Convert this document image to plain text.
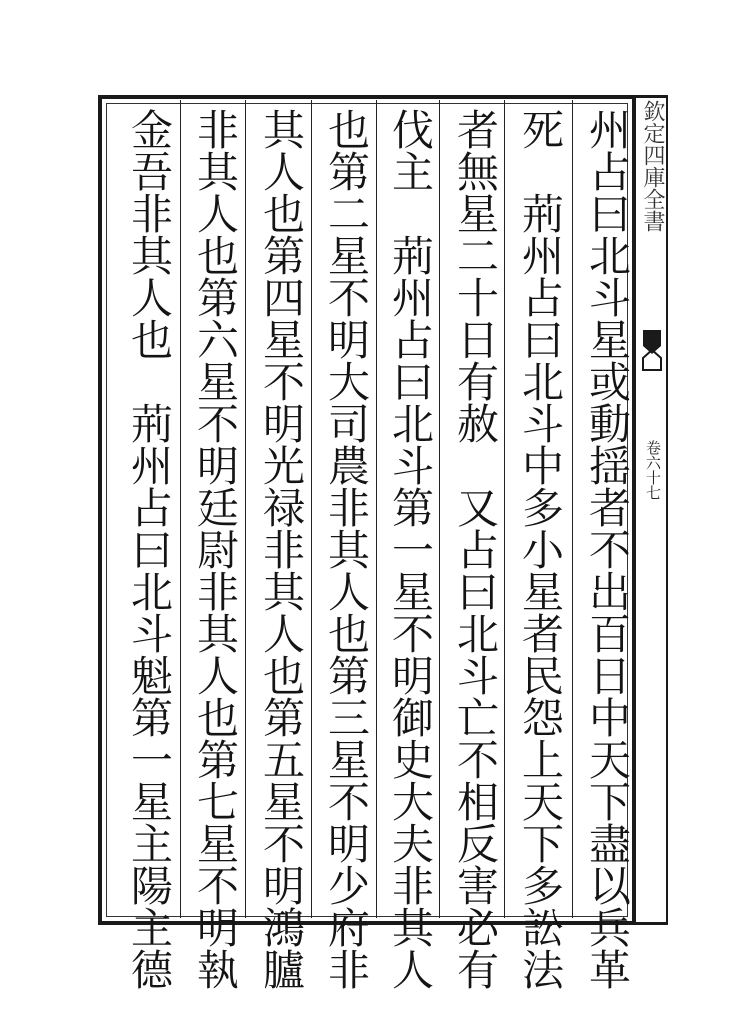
州占曰北斗星或動揺者不出百日中天下盡以兵革
死　荊州占曰北斗中多小星者民怨上天下多訟法
者無星二十日有赦　又占曰北斗亡不相反害必有
伐主　荊州占曰北斗第一星不明御史大夫非其人
也第二星不明大司農非其人也第三星不明少府非
其人也第四星不明光禄非其人也第五星不明鴻臚
非其人也第六星不明廷尉非其人也第七星不明執
金吾非其人也　荊州占曰北斗魁第一星主陽主德	欽定四庫全書
卷六十七
